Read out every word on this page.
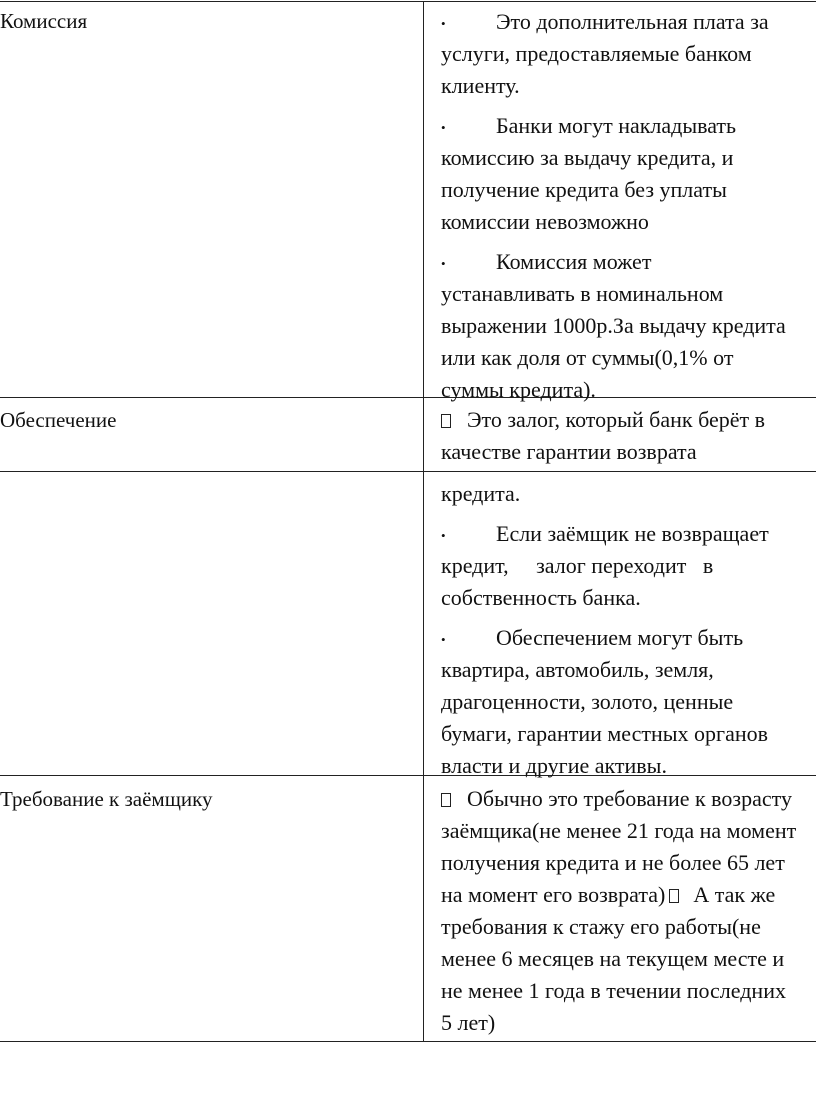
Комиссия	• Это дополнительная плата за
услуги, предоставляемые банком
клиенту.
• Банки могут накладывать
комиссию за выдачу кредита, и
получение кредита без уплаты
комиссии невозможно
• Комиссия может
устанавливать в номинальном
выражении 1000р.За выдачу кредита
или как доля от суммы(0,1% от
суммы кредита).
Обеспечение	Это залог, который банк берёт в
качестве гарантии возврата
кредита.
• Если заёмщик не возвращает
кредит,     залог переходит   в
собственность банка.
• Обеспечением могут быть
квартира, автомобиль, земля,
драгоценности, золото, ценные
бумаги, гарантии местных органов
власти и другие активы.
Требование к заёмщику	Обычно это требование к возрасту
заёмщика(не менее 21 года на момент
получения кредита и не более 65 лет
на момент его возврата) А так же
требования к стажу его работы(не
менее 6 месяцев на текущем месте и
не менее 1 года в течении последних
5 лет)
